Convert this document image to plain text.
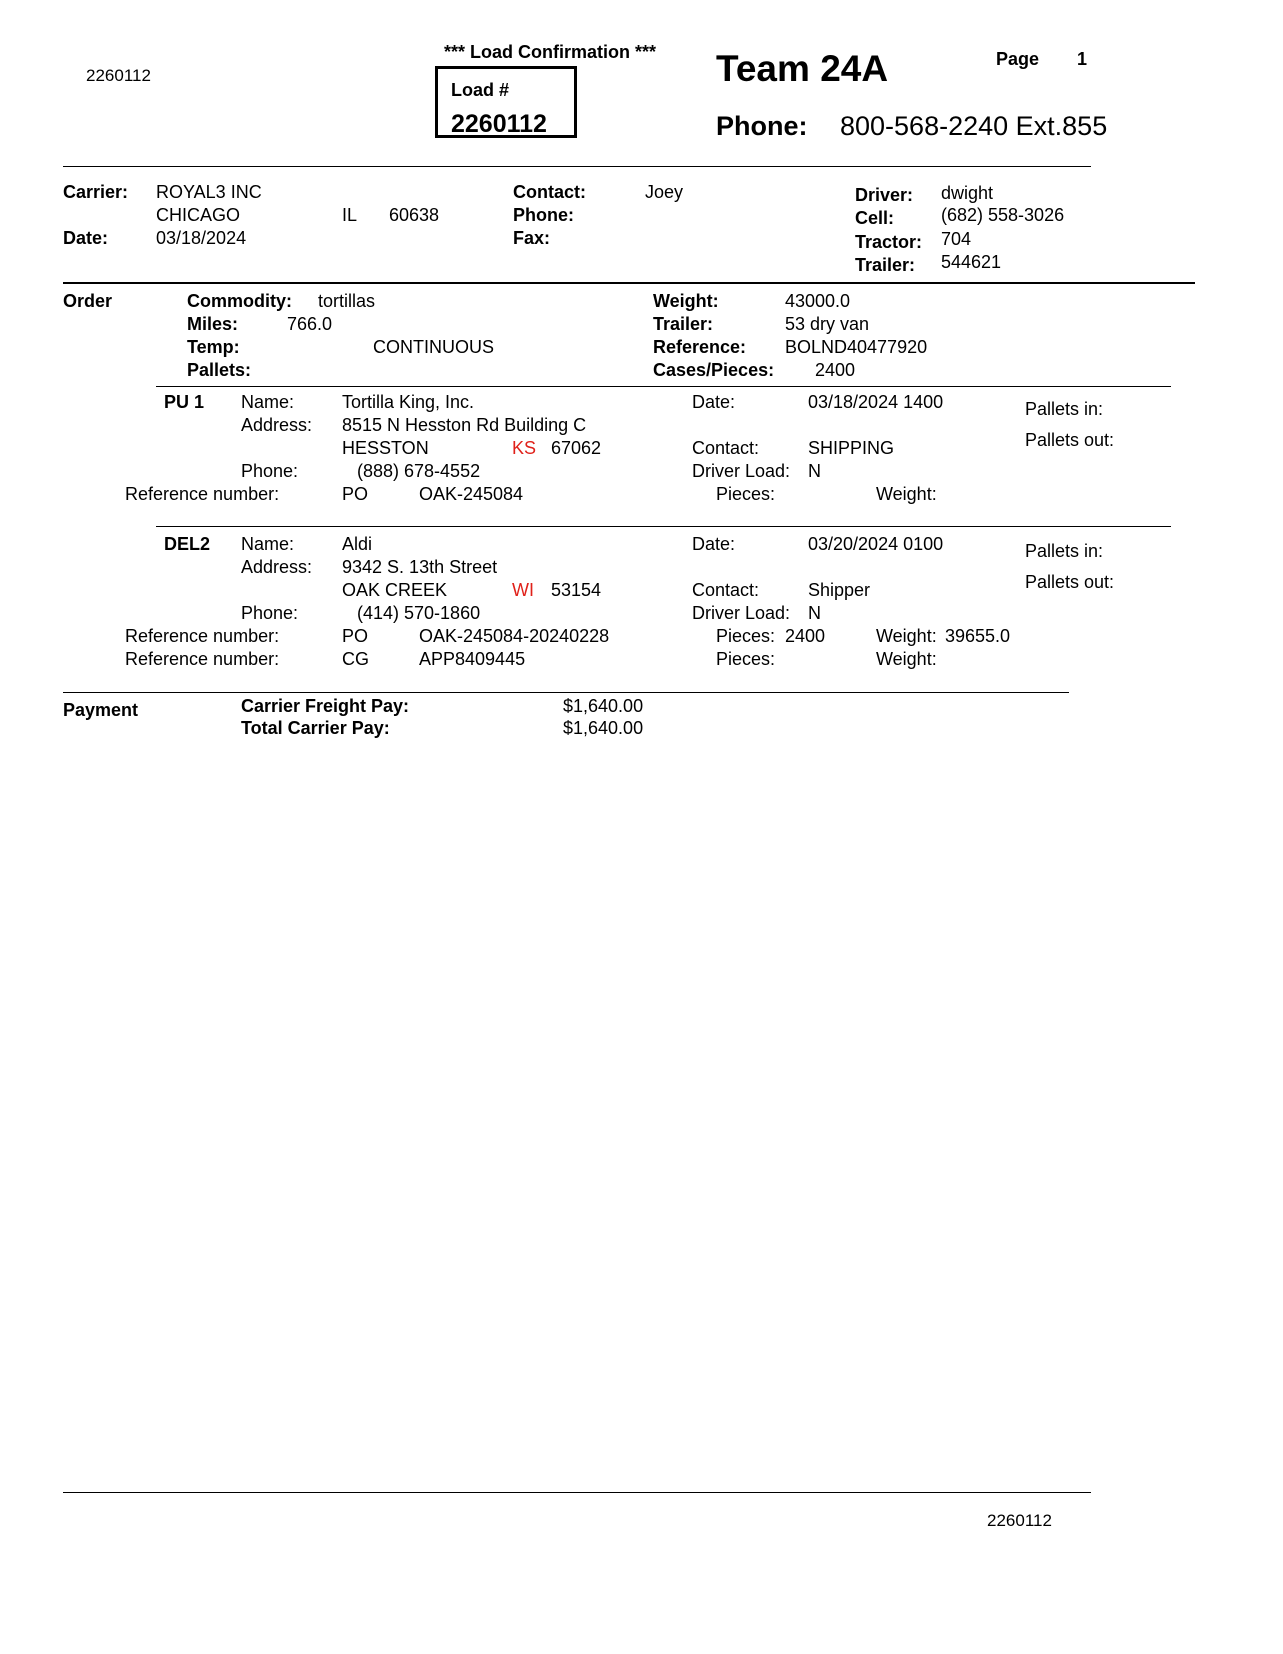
2260112
*** Load Confirmation ***
Load #
2260112
Team 24A	Page 1
Phone: 800-568-2240 Ext.855
Carrier: ROYAL3 INC
CHICAGO	IL 60638
Date:	03/18/2024
Contact:	Joey
Phone:
Fax:
Driver: dwight
Cell:	(682) 558-3026
Tractor: 704
Trailer: 544621
Order	Commodity: tortillas
Miles:	766.0
Temp:	CONTINUOUS
Pallets:
Weight:	43000.0
Trailer:	53 dry van
Reference: BOLND40477920
Cases/Pieces: 2400
PU 1 Name:	Tortilla King, Inc.
Address: 8515 N Hesston Rd Building C
HESSTON	KS 67062
Phone:	(888) 678-4552
Reference number:	PO	OAK-245084
Date:	03/18/2024 1400
Contact:	SHIPPING
Driver Load: N
Pieces:	Weight:
Pallets in:
Pallets out:
DEL2 Name:	Aldi
Address: 9342 S. 13th Street
OAK CREEK	WI 53154
Phone:	(414) 570-1860
Reference number:	PO	OAK-245084-20240228
Reference number:	CG	APP8409445
Date:	03/20/2024 0100
Contact:	Shipper
Driver Load: N
Pieces: 2400	Weight: 39655.0
Pieces:	Weight:
Pallets in:
Pallets out:
Payment	Carrier Freight Pay:	$1,640.00
Total Carrier Pay:	$1,640.00
2260112
